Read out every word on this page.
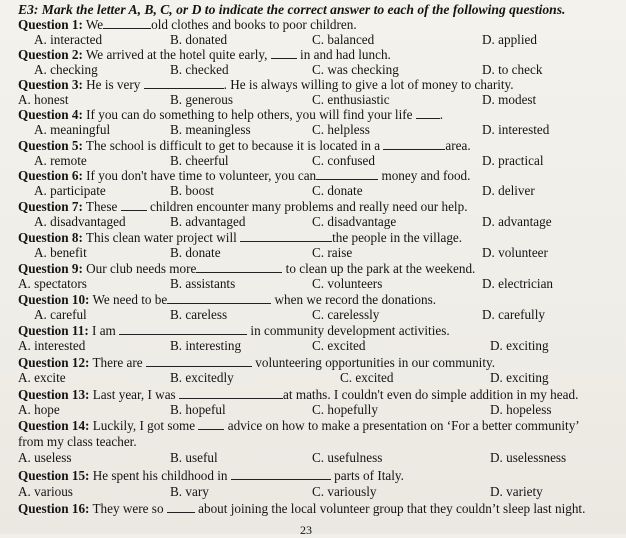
E3: Mark the letter A, B, C, or D to indicate the correct answer to each of the following questions.
Question 1: We	old clothes and books to poor children.
A. interacted	B. donated	C. balanced	D. applied
Question 2: We arrived at the hotel quite early, in and had lunch.
A. checking	B. checked	C. was checking	D. to check
Question 3: He is very	. He is always willing to give a lot of money to charity.
A. honest	B. generous	C. enthusiastic	D. modest
Question 4: If you can do something to help others, you will find your life .
A. meaningful	B. meaningless	C. helpless	D. interested
Question 5: The school is difficult to get to because it is located in a	area.
A. remote	B. cheerful	C. confused	D. practical
Question 6: If you don't have time to volunteer, you can	money and food.
A. participate	B. boost	C. donate	D. deliver
Question 7: These children encounter many problems and really need our help.
A. disadvantaged	B. advantaged	C. disadvantage	D. advantage
Question 8: This clean water project will	the people in the village.
A. benefit	B. donate	C. raise	D. volunteer
Question 9: Our club needs more	to clean up the park at the weekend.
A. spectators	B. assistants	C. volunteers	D. electrician
Question 10: We need to be	when we record the donations.
A. careful	B. careless	C. carelessly	D. carefully
Question 11: I am	in community development activities.
A. interested	B. interesting	C. excited	D. exciting
Question 12: There are	volunteering opportunities in our community.
A. excite	B. excitedly	C. excited	D. exciting
Question 13: Last year, I was	at maths. I couldn't even do simple addition in my head.
A. hope	B. hopeful	C. hopefully	D. hopeless
Question 14: Luckily, I got some advice on how to make a presentation on ‘For a better community’
from my class teacher.
A. useless	B. useful	C. usefulness	D. uselessness
Question 15: He spent his childhood in	parts of Italy.
A. various	B. vary	C. variously	D. variety
Question 16: They were so	about joining the local volunteer group that they couldn’t sleep last night.
23
